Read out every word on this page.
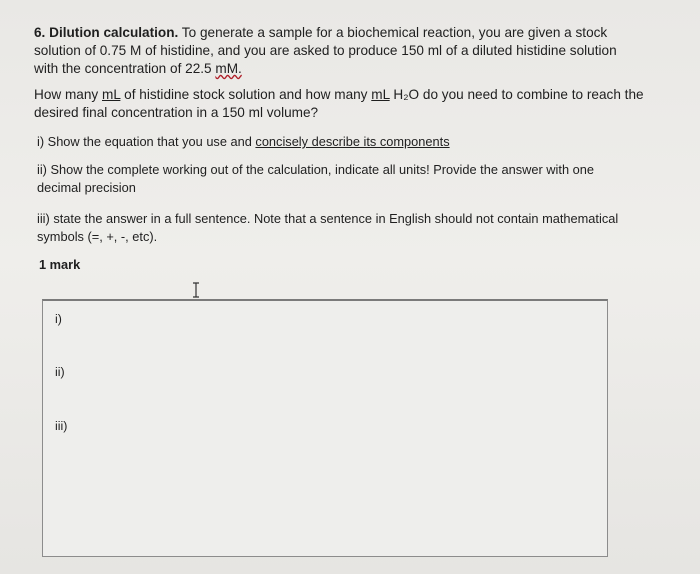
6. Dilution calculation. To generate a sample for a biochemical reaction, you are given a stock solution of 0.75 M of histidine, and you are asked to produce 150 ml of a diluted histidine solution with the concentration of 22.5 mM.
How many mL of histidine stock solution and how many mL H₂O do you need to combine to reach the desired final concentration in a 150 ml volume?
i) Show the equation that you use and concisely describe its components
ii) Show the complete working out of the calculation, indicate all units! Provide the answer with one decimal precision
iii) state the answer in a full sentence. Note that a sentence in English should not contain mathematical symbols (=, +, -, etc).
1 mark
i)
ii)
iii)
